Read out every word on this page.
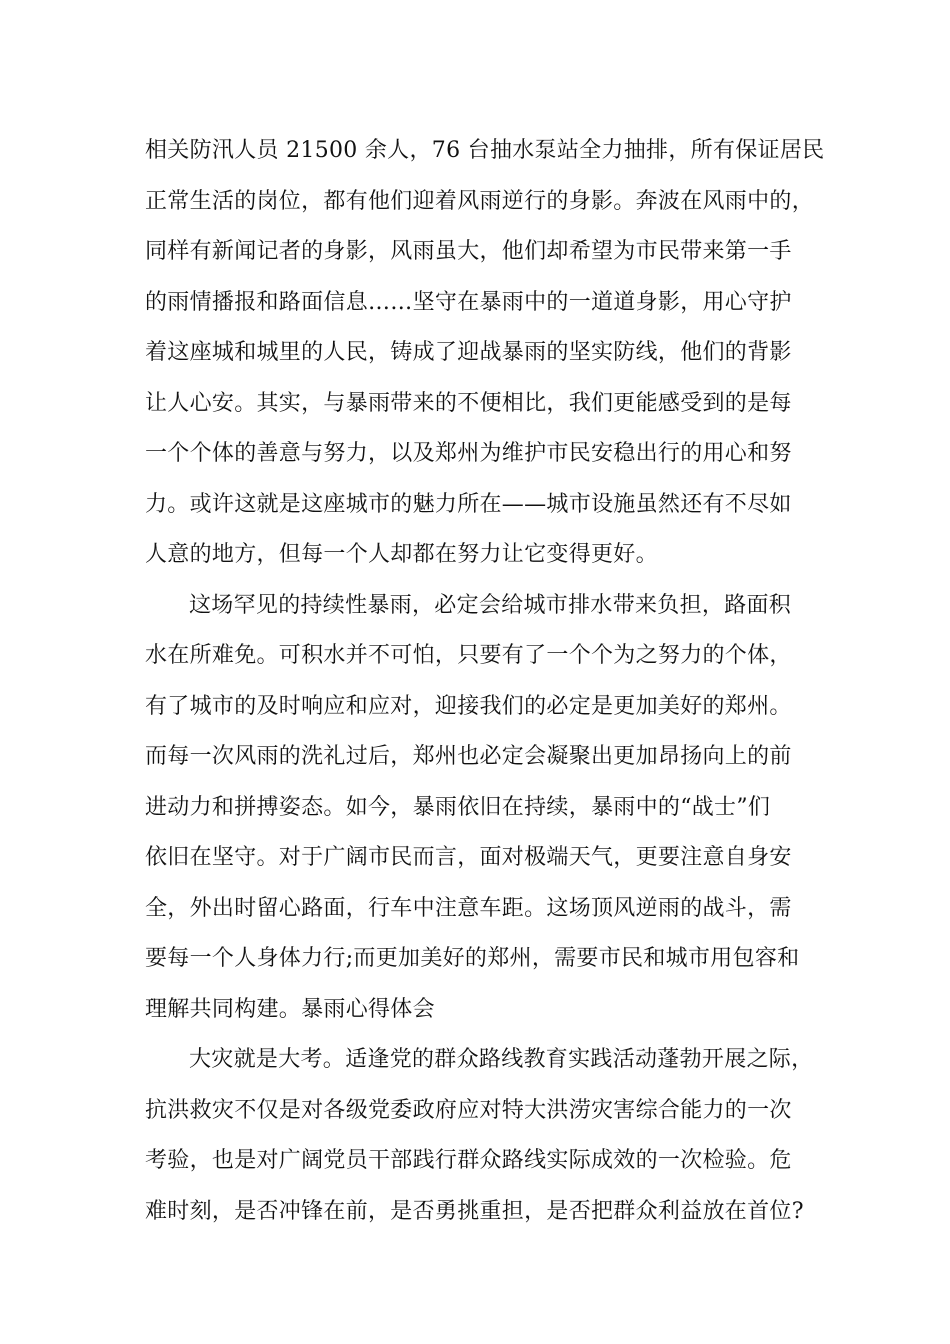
相关防汛人员 21500 余人，76 台抽水泵站全力抽排，所有保证居民
正常生活的岗位，都有他们迎着风雨逆行的身影。奔波在风雨中的，
同样有新闻记者的身影，风雨虽大，他们却希望为市民带来第一手
的雨情播报和路面信息……坚守在暴雨中的一道道身影，用心守护
着这座城和城里的人民，铸成了迎战暴雨的坚实防线，他们的背影
让人心安。其实，与暴雨带来的不便相比，我们更能感受到的是每
一个个体的善意与努力，以及郑州为维护市民安稳出行的用心和努
力。或许这就是这座城市的魅力所在——城市设施虽然还有不尽如
人意的地方，但每一个人却都在努力让它变得更好。
这场罕见的持续性暴雨，必定会给城市排水带来负担，路面积
水在所难免。可积水并不可怕，只要有了一个个为之努力的个体，
有了城市的及时响应和应对，迎接我们的必定是更加美好的郑州。
而每一次风雨的洗礼过后，郑州也必定会凝聚出更加昂扬向上的前
进动力和拼搏姿态。如今，暴雨依旧在持续，暴雨中的“战士”们
依旧在坚守。对于广阔市民而言，面对极端天气，更要注意自身安
全，外出时留心路面，行车中注意车距。这场顶风逆雨的战斗，需
要每一个人身体力行;而更加美好的郑州，需要市民和城市用包容和
理解共同构建。暴雨心得体会
大灾就是大考。适逢党的群众路线教育实践活动蓬勃开展之际，
抗洪救灾不仅是对各级党委政府应对特大洪涝灾害综合能力的一次
考验，也是对广阔党员干部践行群众路线实际成效的一次检验。危
难时刻，是否冲锋在前，是否勇挑重担，是否把群众利益放在首位?
